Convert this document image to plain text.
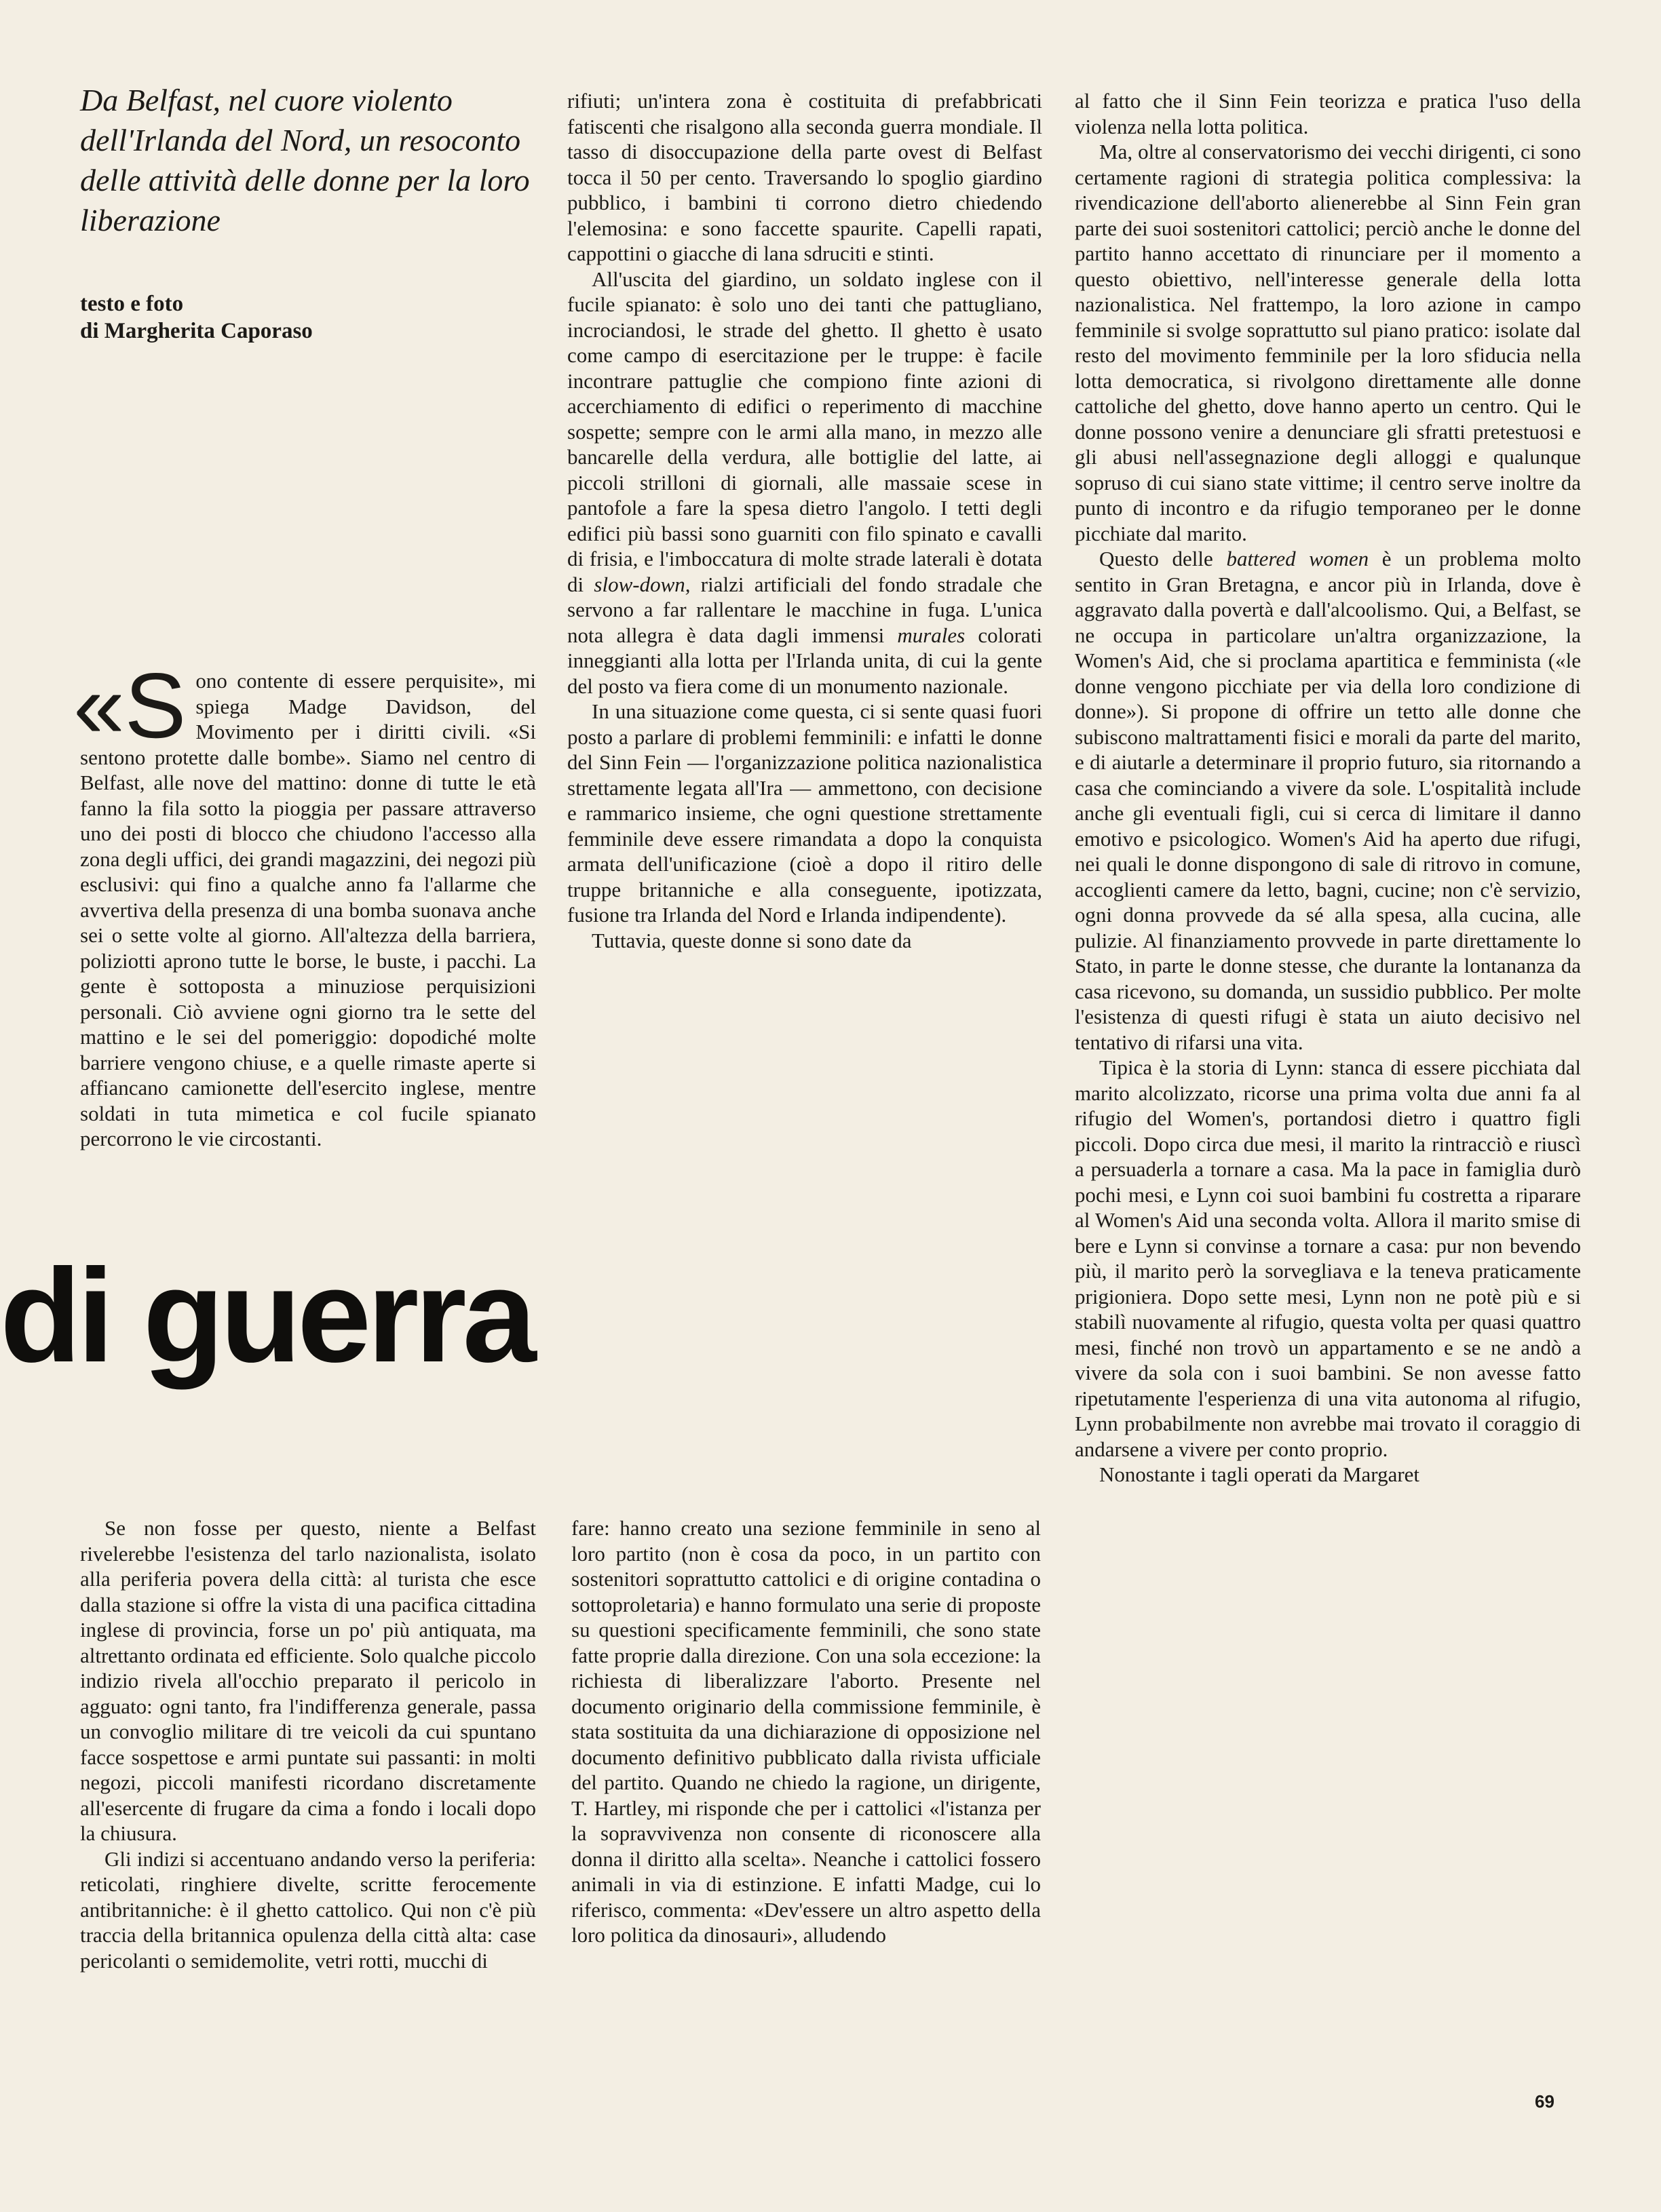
Da Belfast, nel cuore violento dell'Irlanda del Nord, un resoconto delle attività delle donne per la loro liberazione
testo e foto
di Margherita Caporaso

«Sono contente di essere perquisite», mi spiega Madge Davidson, del Movimento per i diritti civili. «Si sentono protette dalle bombe». Siamo nel centro di Belfast, alle nove del mattino: donne di tutte le età fanno la fila sotto la pioggia per passare attraverso uno dei posti di blocco che chiudono l'accesso alla zona degli uffici, dei grandi magazzini, dei negozi più esclusivi: qui fino a qualche anno fa l'allarme che avvertiva della presenza di una bomba suonava anche sei o sette volte al giorno. All'altezza della barriera, poliziotti aprono tutte le borse, le buste, i pacchi. La gente è sottoposta a minuziose perquisizioni personali. Ciò avviene ogni giorno tra le sette del mattino e le sei del pomeriggio: dopodiché molte barriere vengono chiuse, e a quelle rimaste aperte si affiancano camionette dell'esercito inglese, mentre soldati in tuta mimetica e col fucile spianato percorrono le vie circostanti.

di guerra

Se non fosse per questo, niente a Belfast rivelerebbe l'esistenza del tarlo nazionalista, isolato alla periferia povera della città: al turista che esce dalla stazione si offre la vista di una pacifica cittadina inglese di provincia, forse un po' più antiquata, ma altrettanto ordinata ed efficiente. Solo qualche piccolo indizio rivela all'occhio preparato il pericolo in agguato: ogni tanto, fra l'indifferenza generale, passa un convoglio militare di tre veicoli da cui spuntano facce sospettose e armi puntate sui passanti: in molti negozi, piccoli manifesti ricordano discretamente all'esercente di frugare da cima a fondo i locali dopo la chiusura.

Gli indizi si accentuano andando verso la periferia: reticolati, ringhiere divelte, scritte ferocemente antibritanniche: è il ghetto cattolico. Qui non c'è più traccia della britannica opulenza della città alta: case pericolanti o semidemolite, vetri rotti, mucchi di

rifiuti; un'intera zona è costituita di prefabbricati fatiscenti che risalgono alla seconda guerra mondiale. Il tasso di disoccupazione della parte ovest di Belfast tocca il 50 per cento. Traversando lo spoglio giardino pubblico, i bambini ti corrono dietro chiedendo l'elemosina: e sono faccette spaurite. Capelli rapati, cappottini o giacche di lana sdruciti e stinti.

All'uscita del giardino, un soldato inglese con il fucile spianato: è solo uno dei tanti che pattugliano, incrociandosi, le strade del ghetto. Il ghetto è usato come campo di esercitazione per le truppe: è facile incontrare pattuglie che compiono finte azioni di accerchiamento di edifici o reperimento di macchine sospette; sempre con le armi alla mano, in mezzo alle bancarelle della verdura, alle bottiglie del latte, ai piccoli strilloni di giornali, alle massaie scese in pantofole a fare la spesa dietro l'angolo. I tetti degli edifici più bassi sono guarniti con filo spinato e cavalli di frisia, e l'imboccatura di molte strade laterali è dotata di slow-down, rialzi artificiali del fondo stradale che servono a far rallentare le macchine in fuga. L'unica nota allegra è data dagli immensi murales colorati inneggianti alla lotta per l'Irlanda unita, di cui la gente del posto va fiera come di un monumento nazionale.

In una situazione come questa, ci si sente quasi fuori posto a parlare di problemi femminili: e infatti le donne del Sinn Fein — l'organizzazione politica nazionalistica strettamente legata all'Ira — ammettono, con decisione e rammarico insieme, che ogni questione strettamente femminile deve essere rimandata a dopo la conquista armata dell'unificazione (cioè a dopo il ritiro delle truppe britanniche e alla conseguente, ipotizzata, fusione tra Irlanda del Nord e Irlanda indipendente).

Tuttavia, queste donne si sono date da

fare: hanno creato una sezione femminile in seno al loro partito (non è cosa da poco, in un partito con sostenitori soprattutto cattolici e di origine contadina o sottoproletaria) e hanno formulato una serie di proposte su questioni specificamente femminili, che sono state fatte proprie dalla direzione. Con una sola eccezione: la richiesta di liberalizzare l'aborto. Presente nel documento originario della commissione femminile, è stata sostituita da una dichiarazione di opposizione nel documento definitivo pubblicato dalla rivista ufficiale del partito. Quando ne chiedo la ragione, un dirigente, T. Hartley, mi risponde che per i cattolici «l'istanza per la sopravvivenza non consente di riconoscere alla donna il diritto alla scelta». Neanche i cattolici fossero animali in via di estinzione. E infatti Madge, cui lo riferisco, commenta: «Dev'essere un altro aspetto della loro politica da dinosauri», alludendo

al fatto che il Sinn Fein teorizza e pratica l'uso della violenza nella lotta politica.

Ma, oltre al conservatorismo dei vecchi dirigenti, ci sono certamente ragioni di strategia politica complessiva: la rivendicazione dell'aborto alienerebbe al Sinn Fein gran parte dei suoi sostenitori cattolici; perciò anche le donne del partito hanno accettato di rinunciare per il momento a questo obiettivo, nell'interesse generale della lotta nazionalistica. Nel frattempo, la loro azione in campo femminile si svolge soprattutto sul piano pratico: isolate dal resto del movimento femminile per la loro sfiducia nella lotta democratica, si rivolgono direttamente alle donne cattoliche del ghetto, dove hanno aperto un centro. Qui le donne possono venire a denunciare gli sfratti pretestuosi e gli abusi nell'assegnazione degli alloggi e qualunque sopruso di cui siano state vittime; il centro serve inoltre da punto di incontro e da rifugio temporaneo per le donne picchiate dal marito.

Questo delle battered women è un problema molto sentito in Gran Bretagna, e ancor più in Irlanda, dove è aggravato dalla povertà e dall'alcoolismo. Qui, a Belfast, se ne occupa in particolare un'altra organizzazione, la Women's Aid, che si proclama apartitica e femminista («le donne vengono picchiate per via della loro condizione di donne»). Si propone di offrire un tetto alle donne che subiscono maltrattamenti fisici e morali da parte del marito, e di aiutarle a determinare il proprio futuro, sia ritornando a casa che cominciando a vivere da sole. L'ospitalità include anche gli eventuali figli, cui si cerca di limitare il danno emotivo e psicologico. Women's Aid ha aperto due rifugi, nei quali le donne dispongono di sale di ritrovo in comune, accoglienti camere da letto, bagni, cucine; non c'è servizio, ogni donna provvede da sé alla spesa, alla cucina, alle pulizie. Al finanziamento provvede in parte direttamente lo Stato, in parte le donne stesse, che durante la lontananza da casa ricevono, su domanda, un sussidio pubblico. Per molte l'esistenza di questi rifugi è stata un aiuto decisivo nel tentativo di rifarsi una vita.

Tipica è la storia di Lynn: stanca di essere picchiata dal marito alcolizzato, ricorse una prima volta due anni fa al rifugio del Women's, portandosi dietro i quattro figli piccoli. Dopo circa due mesi, il marito la rintracciò e riuscì a persuaderla a tornare a casa. Ma la pace in famiglia durò pochi mesi, e Lynn coi suoi bambini fu costretta a riparare al Women's Aid una seconda volta. Allora il marito smise di bere e Lynn si convinse a tornare a casa: pur non bevendo più, il marito però la sorvegliava e la teneva praticamente prigioniera. Dopo sette mesi, Lynn non ne potè più e si stabilì nuovamente al rifugio, questa volta per quasi quattro mesi, finché non trovò un appartamento e se ne andò a vivere da sola con i suoi bambini. Se non avesse fatto ripetutamente l'esperienza di una vita autonoma al rifugio, Lynn probabilmente non avrebbe mai trovato il coraggio di andarsene a vivere per conto proprio.

Nonostante i tagli operati da Margaret

69
